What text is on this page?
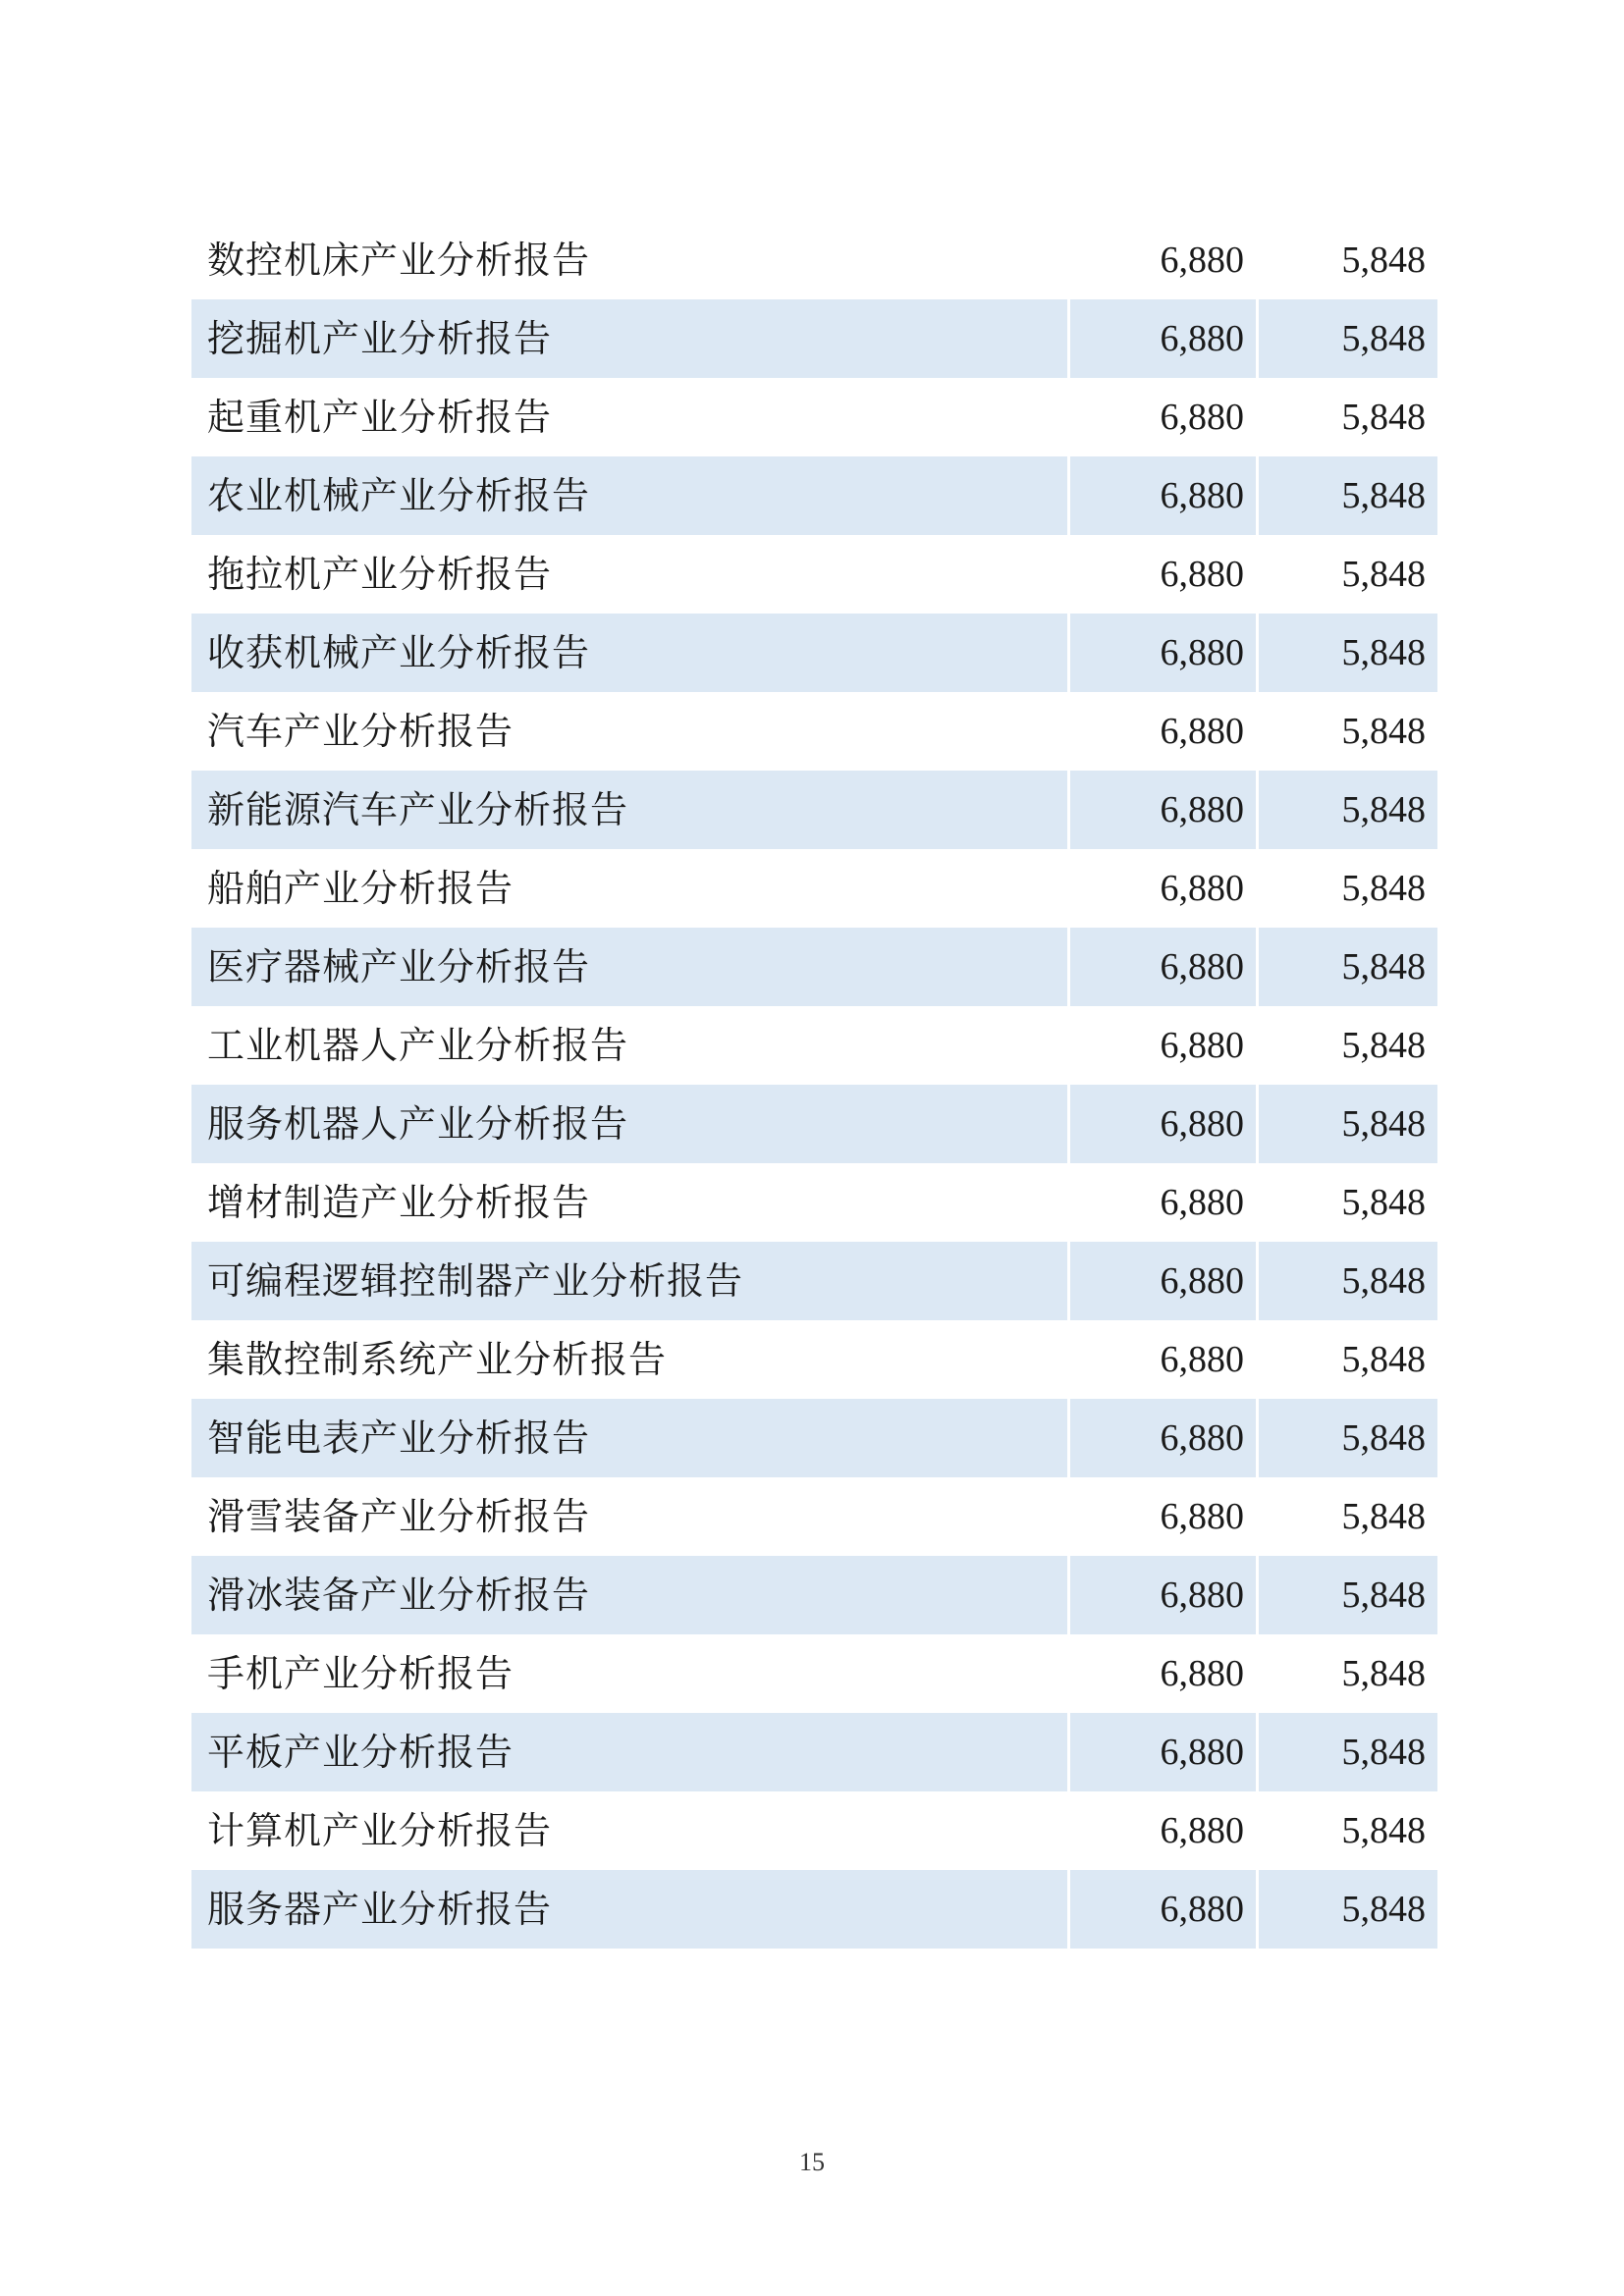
数控机床产业分析报告	6,880	5,848
挖掘机产业分析报告	6,880	5,848
起重机产业分析报告	6,880	5,848
农业机械产业分析报告	6,880	5,848
拖拉机产业分析报告	6,880	5,848
收获机械产业分析报告	6,880	5,848
汽车产业分析报告	6,880	5,848
新能源汽车产业分析报告	6,880	5,848
船舶产业分析报告	6,880	5,848
医疗器械产业分析报告	6,880	5,848
工业机器人产业分析报告	6,880	5,848
服务机器人产业分析报告	6,880	5,848
增材制造产业分析报告	6,880	5,848
可编程逻辑控制器产业分析报告	6,880	5,848
集散控制系统产业分析报告	6,880	5,848
智能电表产业分析报告	6,880	5,848
滑雪装备产业分析报告	6,880	5,848
滑冰装备产业分析报告	6,880	5,848
手机产业分析报告	6,880	5,848
平板产业分析报告	6,880	5,848
计算机产业分析报告	6,880	5,848
服务器产业分析报告	6,880	5,848
15
